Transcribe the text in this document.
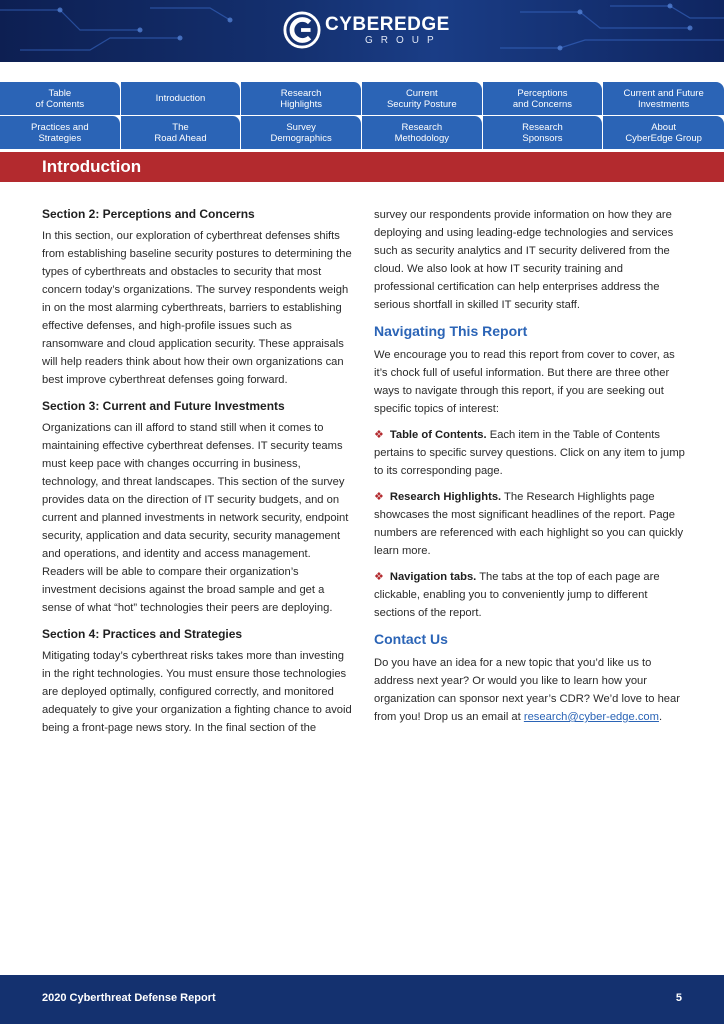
CYBEREDGE
GROUP
Table
of Contents	Introduction	Research
Highlights
Current
Security Posture
Perceptions
and Concerns
Current and Future
Investments
Practices and
Strategies
The
Road Ahead
Survey
Demographics
Research
Methodology
Research
Sponsors
About
CyberEdge Group
Introduction
Section 2: Perceptions and Concerns

In this section, our exploration of cyberthreat defenses shifts from establishing baseline security postures to determining the types of cyberthreats and obstacles to security that most concern today’s organizations. The survey respondents weigh in on the most alarming cyberthreats, barriers to establishing effective defenses, and high-profile issues such as ransomware and cloud application security. These appraisals will help readers think about how their own organizations can best improve cyberthreat defenses going forward.

Section 3: Current and Future Investments

Organizations can ill afford to stand still when it comes to maintaining effective cyberthreat defenses. IT security teams must keep pace with changes occurring in business, technology, and threat landscapes. This section of the survey provides data on the direction of IT security budgets, and on current and planned investments in network security, endpoint security, application and data security, security management and operations, and identity and access management. Readers will be able to compare their organization’s investment decisions against the broad sample and get a sense of what “hot” technologies their peers are deploying.

Section 4: Practices and Strategies

Mitigating today’s cyberthreat risks takes more than investing in the right technologies. You must ensure those technologies are deployed optimally, configured correctly, and monitored adequately to give your organization a fighting chance to avoid being a front-page news story. In the final section of the

survey our respondents provide information on how they are deploying and using leading-edge technologies and services such as security analytics and IT security delivered from the cloud. We also look at how IT security training and professional certification can help enterprises address the serious shortfall in skilled IT security staff.

Navigating This Report

We encourage you to read this report from cover to cover, as it’s chock full of useful information. But there are three other ways to navigate through this report, if you are seeking out specific topics of interest:

❖ Table of Contents. Each item in the Table of Contents pertains to specific survey questions. Click on any item to jump to its corresponding page.

❖ Research Highlights. The Research Highlights page showcases the most significant headlines of the report. Page numbers are referenced with each highlight so you can quickly learn more.

❖ Navigation tabs. The tabs at the top of each page are clickable, enabling you to conveniently jump to different sections of the report.

Contact Us

Do you have an idea for a new topic that you’d like us to address next year? Or would you like to learn how your organization can sponsor next year’s CDR? We’d love to hear from you! Drop us an email at research@cyber-edge.com.

2020 Cyberthreat Defense Report	5
